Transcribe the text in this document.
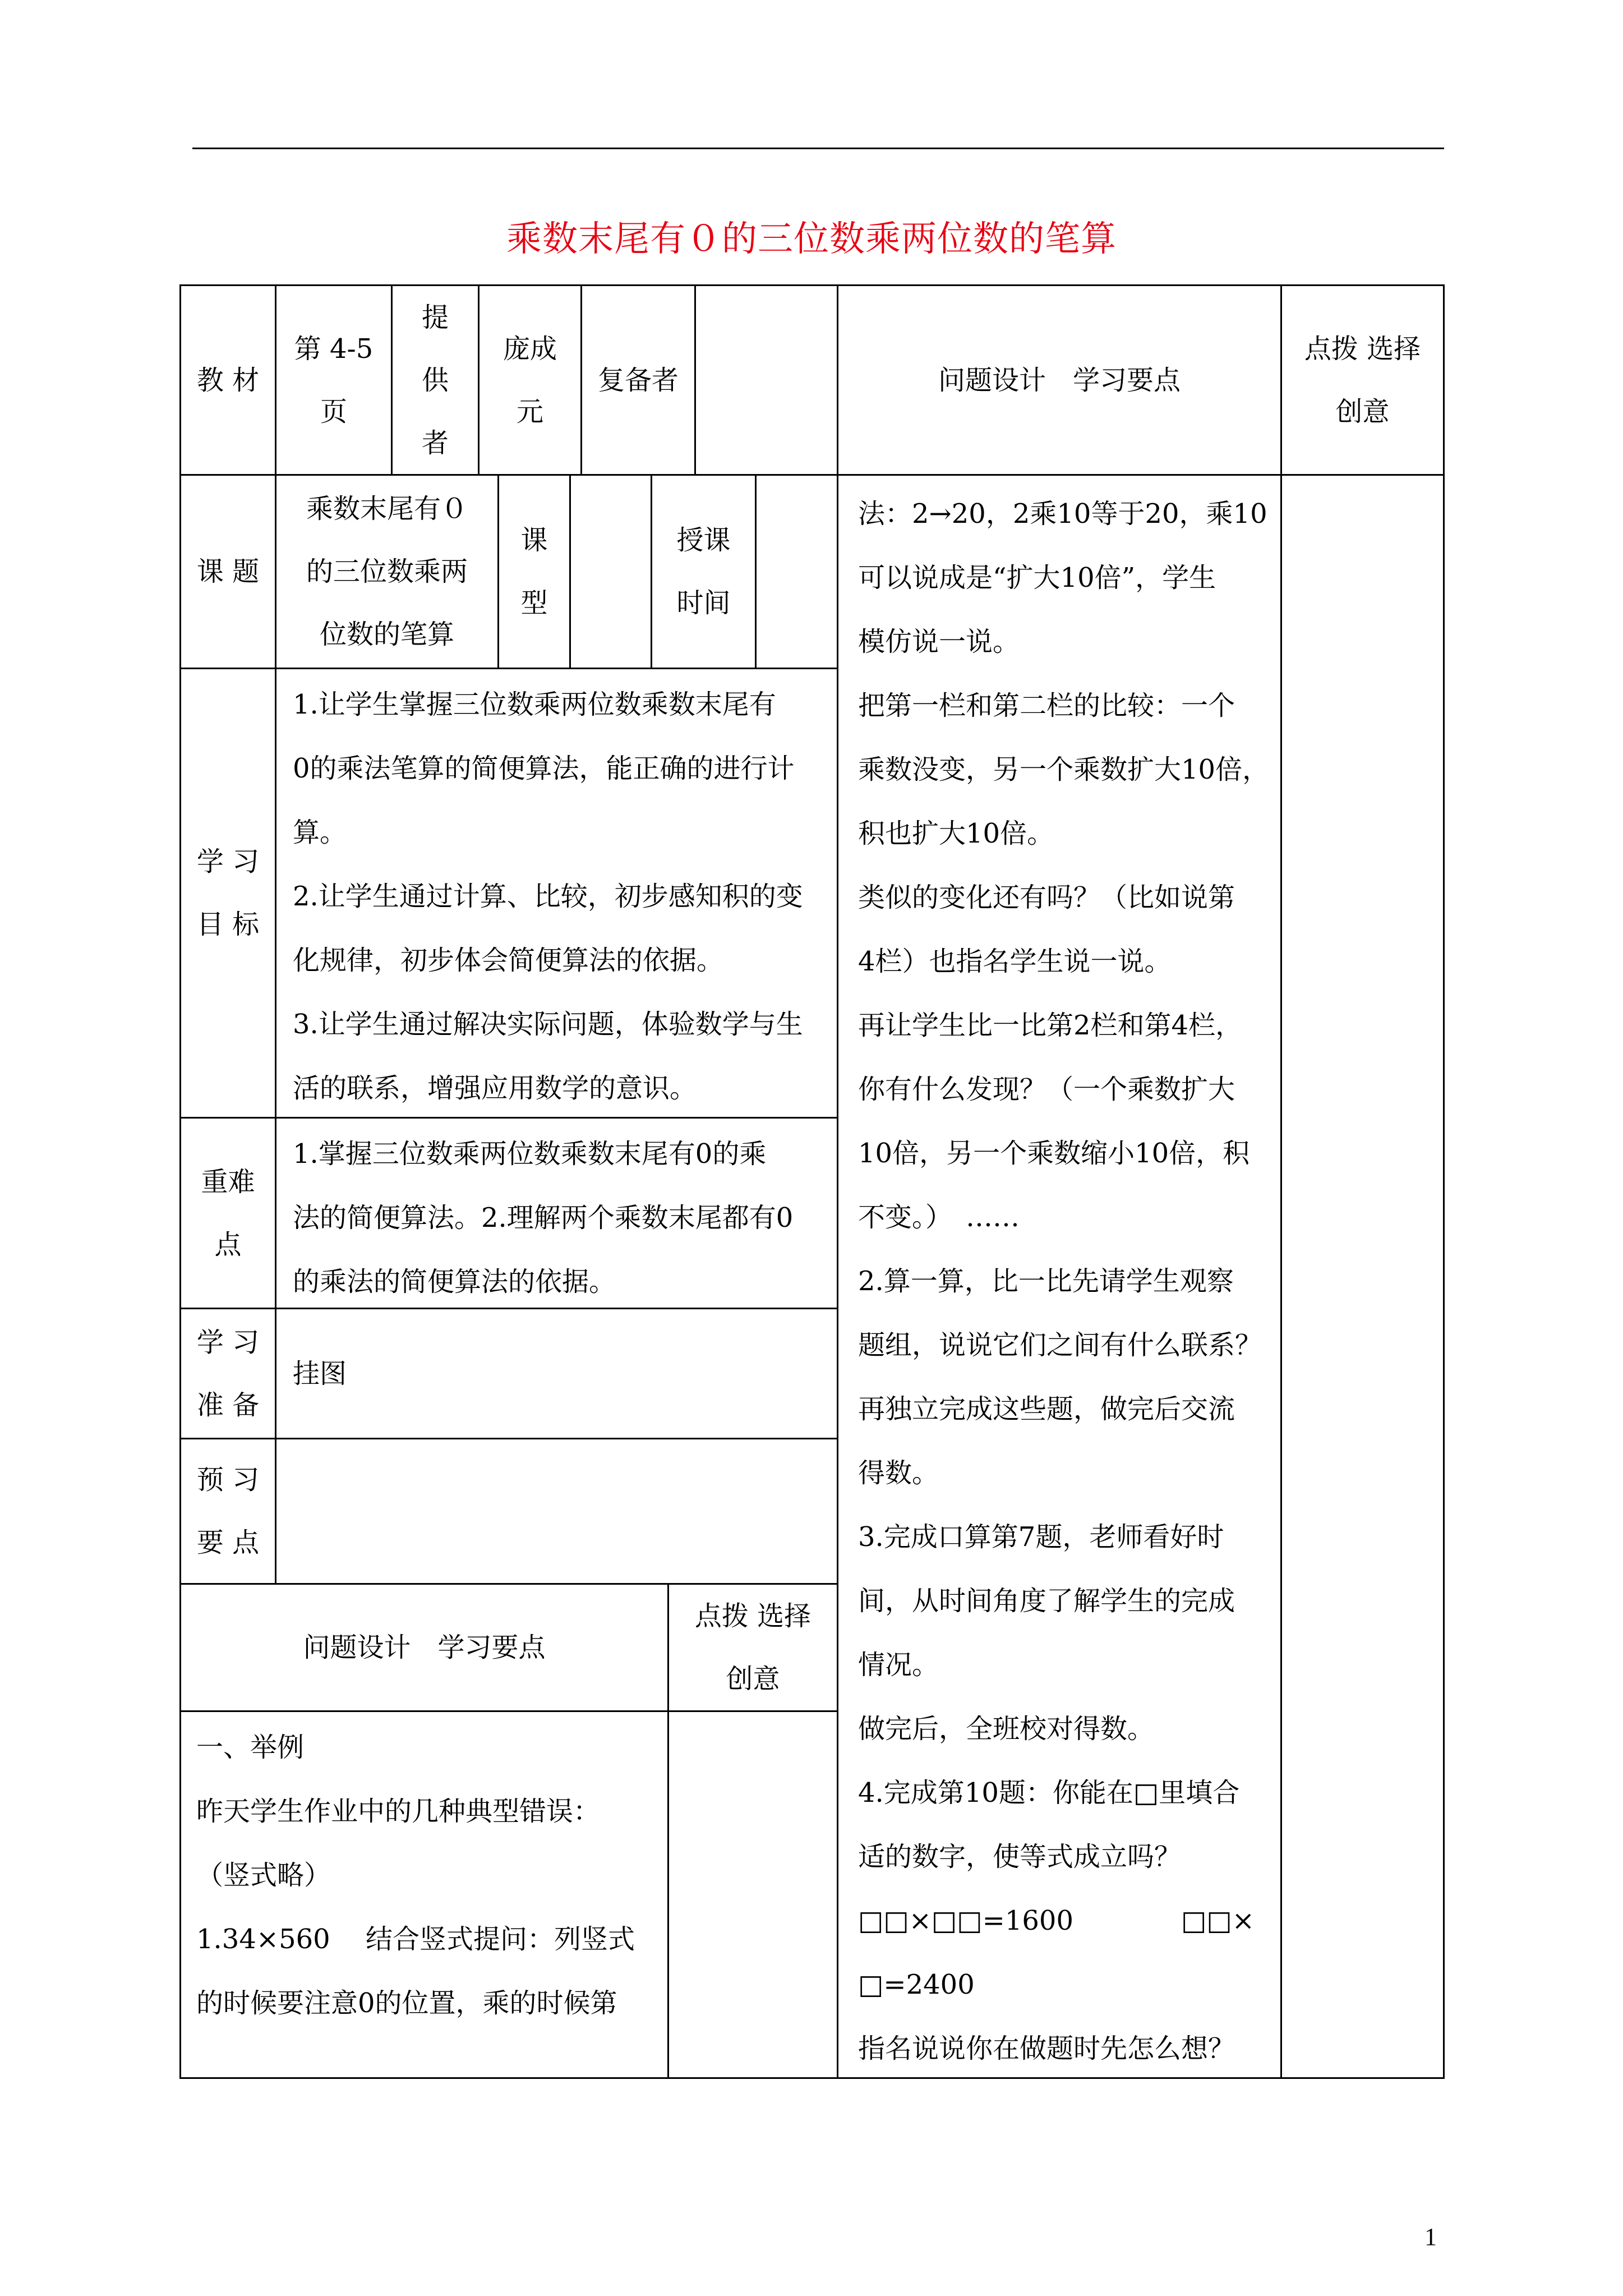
乘数末尾有０的三位数乘两位数的笔算
教 材
第 4-5
页
提
供
者
庞成
元
复备者	问题设计　学习要点
点拨 选择
创意
课 题
乘数末尾有０
的三位数乘两
位数的笔算
课
型
授课
时间
学 习
目 标
1.让学生掌握三位数乘两位数乘数末尾有
0的乘法笔算的简便算法，能正确的进行计
算。
2.让学生通过计算、比较，初步感知积的变
化规律，初步体会简便算法的依据。
3.让学生通过解决实际问题，体验数学与生
活的联系，增强应用数学的意识。
重难
点
1.掌握三位数乘两位数乘数末尾有0的乘
法的简便算法。2.理解两个乘数末尾都有0
的乘法的简便算法的依据。
学 习
准 备
挂图
预 习
要 点
问题设计　学习要点
点拨 选择
创意
一、举例
昨天学生作业中的几种典型错误：
（竖式略）
1.34×560　 结合竖式提问：列竖式
的时候要注意0的位置，乘的时候第
法：2→20，2乘10等于20，乘10
可以说成是“扩大10倍”，学生
模仿说一说。
把第一栏和第二栏的比较：一个
乘数没变，另一个乘数扩大10倍，
积也扩大10倍。
类似的变化还有吗？（比如说第
4栏）也指名学生说一说。
再让学生比一比第2栏和第4栏，
你有什么发现？（一个乘数扩大
10倍，另一个乘数缩小10倍，积
不变。）　……
2.算一算，比一比先请学生观察
题组，说说它们之间有什么联系？
再独立完成这些题，做完后交流
得数。
3.完成口算第7题，老师看好时
间，从时间角度了解学生的完成
情况。
做完后，全班校对得数。
4.完成第10题：你能在□里填合
适的数字，使等式成立吗？
□□×□□=1600　　　　□□×
□=2400
指名说说你在做题时先怎么想？
1
